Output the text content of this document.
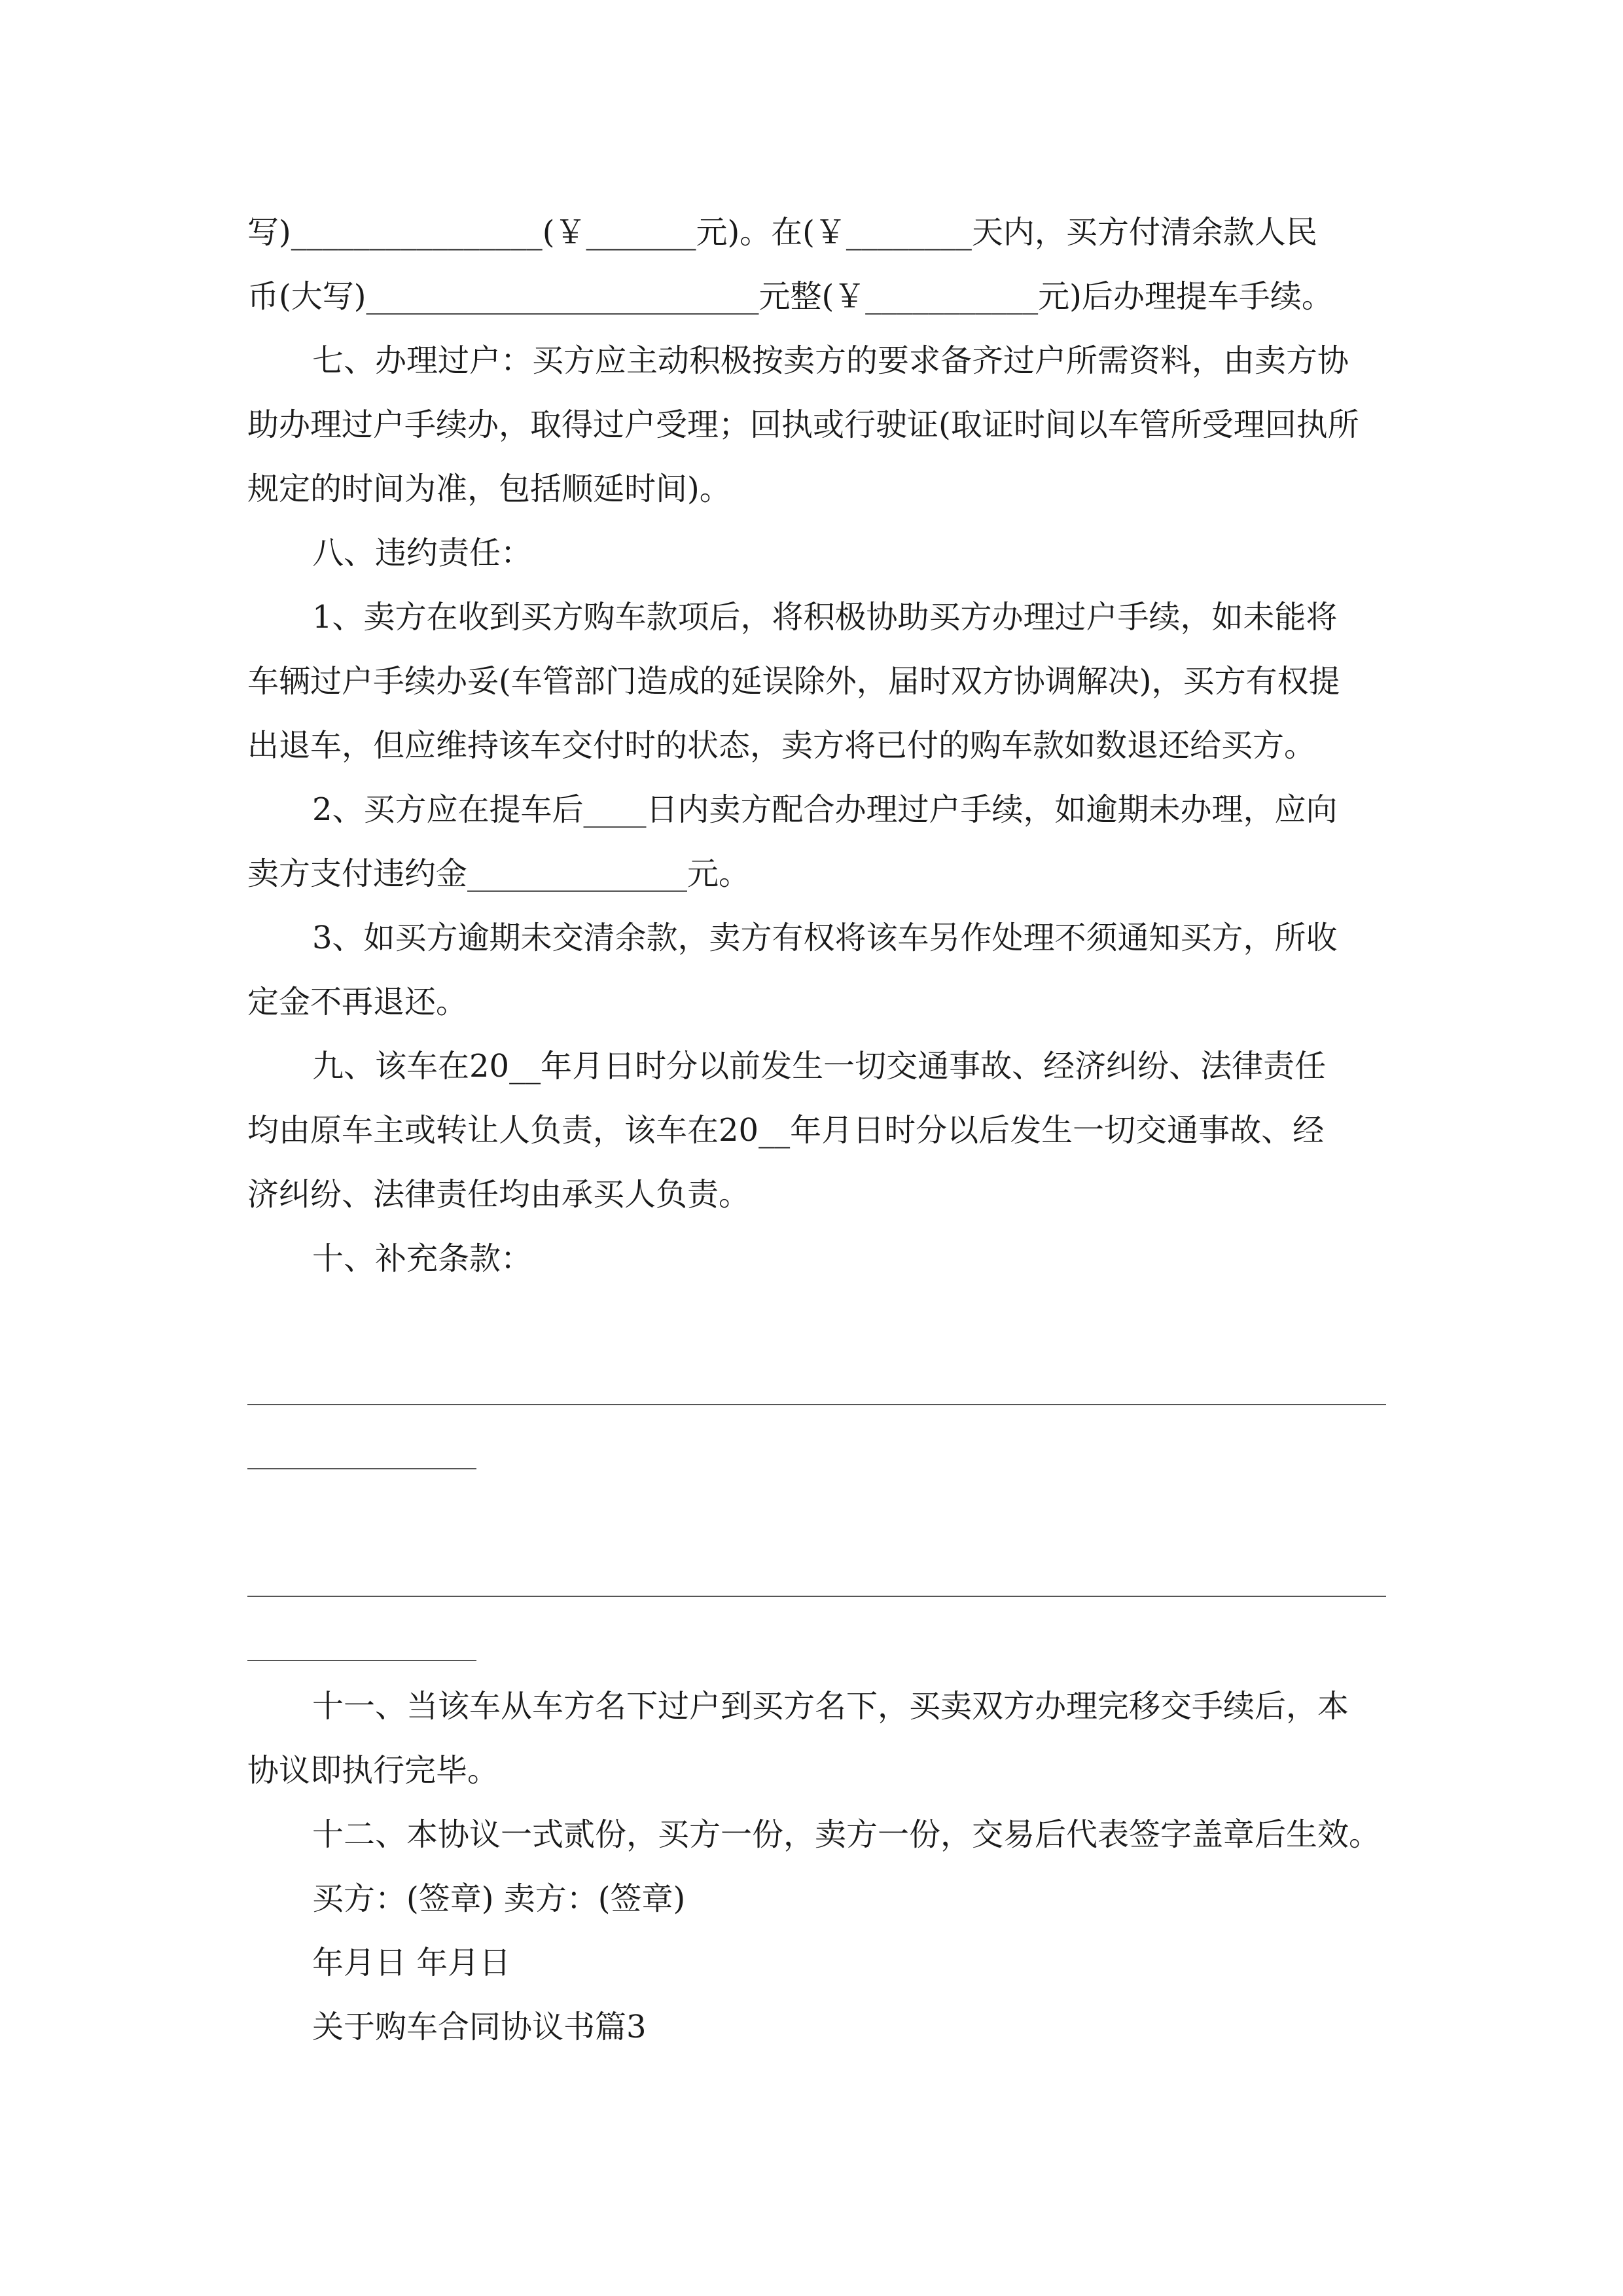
写)________________(￥_______元)。在(￥________天内，买方付清余款人民

币(大写)_________________________元整(￥___________元)后办理提车手续。

七、办理过户：买方应主动积极按卖方的要求备齐过户所需资料，由卖方协

助办理过户手续办，取得过户受理；回执或行驶证(取证时间以车管所受理回执所

规定的时间为准，包括顺延时间)。

八、违约责任：

1、卖方在收到买方购车款项后，将积极协助买方办理过户手续，如未能将

车辆过户手续办妥(车管部门造成的延误除外，届时双方协调解决)，买方有权提

出退车，但应维持该车交付时的状态，卖方将已付的购车款如数退还给买方。

2、买方应在提车后____日内卖方配合办理过户手续，如逾期未办理，应向

卖方支付违约金______________元。

3、如买方逾期未交清余款，卖方有权将该车另作处理不须通知买方，所收

定金不再退还。

九、该车在20__年月日时分以前发生一切交通事故、经济纠纷、法律责任

均由原车主或转让人负责，该车在20__年月日时分以后发生一切交通事故、经

济纠纷、法律责任均由承买人负责。

十、补充条款：

十一、当该车从车方名下过户到买方名下，买卖双方办理完移交手续后，本

协议即执行完毕。

十二、本协议一式贰份，买方一份，卖方一份，交易后代表签字盖章后生效。

买方：(签章) 卖方：(签章)

年月日 年月日

关于购车合同协议书篇3
